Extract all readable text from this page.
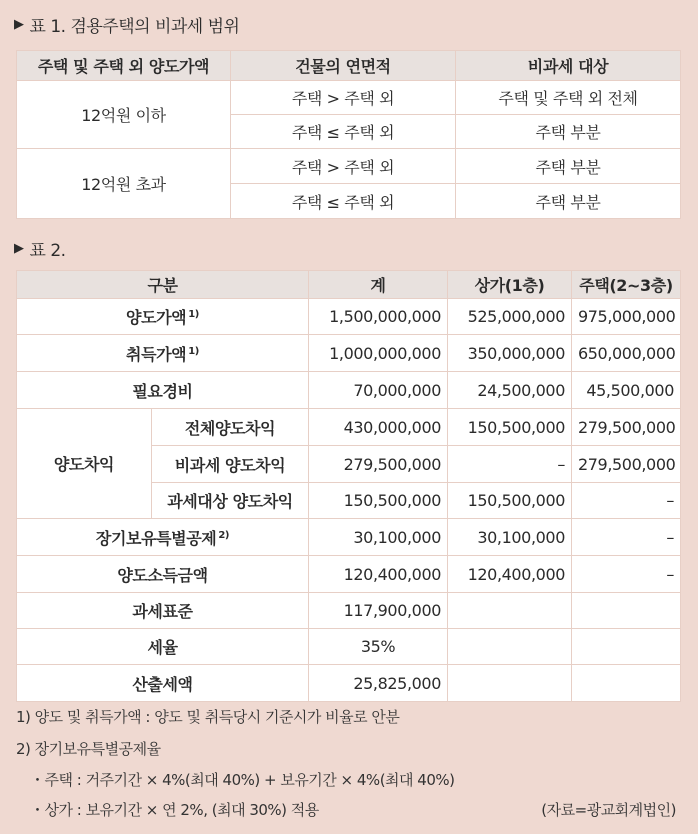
▶ 표 1. 겸용주택의 비과세 범위
주택 및 주택 외 양도가액	건물의 연면적	비과세 대상
12억원 이하	주택 > 주택 외	주택 및 주택 외 전체
	주택 ≤ 주택 외	주택 부분
12억원 초과	주택 > 주택 외	주택 부분
	주택 ≤ 주택 외	주택 부분
▶ 표 2.
구분		계	상가(1층)	주택(2~3층)
양도가액 $^{1)}$		1,500,000,000	525,000,000	975,000,000
취득가액 $^{1)}$		1,000,000,000	350,000,000	650,000,000
필요경비		70,000,000	24,500,000	45,500,000
양도차익	전체양도차익	430,000,000	150,500,000	279,500,000
	비과세 양도차익	279,500,000	–	279,500,000
	과세대상 양도차익	150,500,000	150,500,000	–
장기보유특별공제 $^{2)}$		30,100,000	30,100,000	–
양도소득금액		120,400,000	120,400,000	–
과세표준		117,900,000		
세율		35%		
산출세액		25,825,000		
1) 양도 및 취득가액 : 양도 및 취득당시 기준시가 비율로 안분
2) 장기보유특별공제율
・주택 : 거주기간 × 4%(최대 40%) + 보유기간 × 4%(최대 40%)
・상가 : 보유기간 × 연 2%, (최대 30%) 적용	(자료=광교회계법인)
